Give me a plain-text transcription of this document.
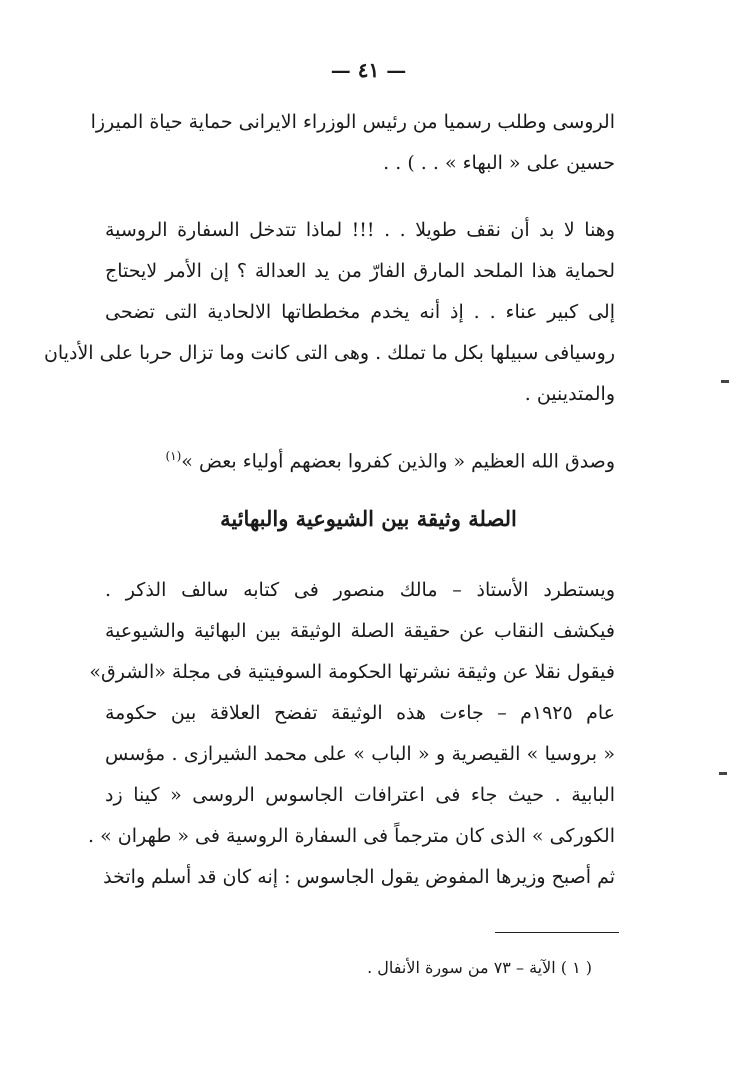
— ٤١ —
الروسى وطلب رسميا من رئيس الوزراء الايرانى حماية حياة الميرزا
حسين على « البهاء » . . ) . .
وهنا لا بد أن نقف طويلا . . !!! لماذا تتدخل السفارة الروسية
لحماية هذا الملحد المارق الفارّ من يد العدالة ؟ إن الأمر لايحتاج
إلى كبير عناء . . إذ أنه يخدم مخططاتها الالحادية التى تضحى
روسيافى سبيلها بكل ما تملك . وهى التى كانت وما تزال حربا على الأديان
والمتدينين .
وصدق الله العظيم « والذين كفروا بعضهم أولياء بعض »$^{(١)}$
الصلة وثيقة بين الشيوعية والبهائية
ويستطرد الأستاذ – مالك منصور فى كتابه سالف الذكر .
فيكشف النقاب عن حقيقة الصلة الوثيقة بين البهائية والشيوعية
فيقول نقلا عن وثيقة نشرتها الحكومة السوفيتية فى مجلة «الشرق»
عام ١٩٢٥م – جاءت هذه الوثيقة تفضح العلاقة بين حكومة
« بروسيا » القيصرية و « الباب » على محمد الشيرازى . مؤسس
البابية . حيث جاء فى اعترافات الجاسوس الروسى « كينا زد
الكوركى » الذى كان مترجماً فى السفارة الروسية فى « طهران » .
ثم أصبح وزيرها المفوض يقول الجاسوس : إنه كان قد أسلم واتخذ
( ١ ) الآية – ٧٣ من سورة الأنفال .
